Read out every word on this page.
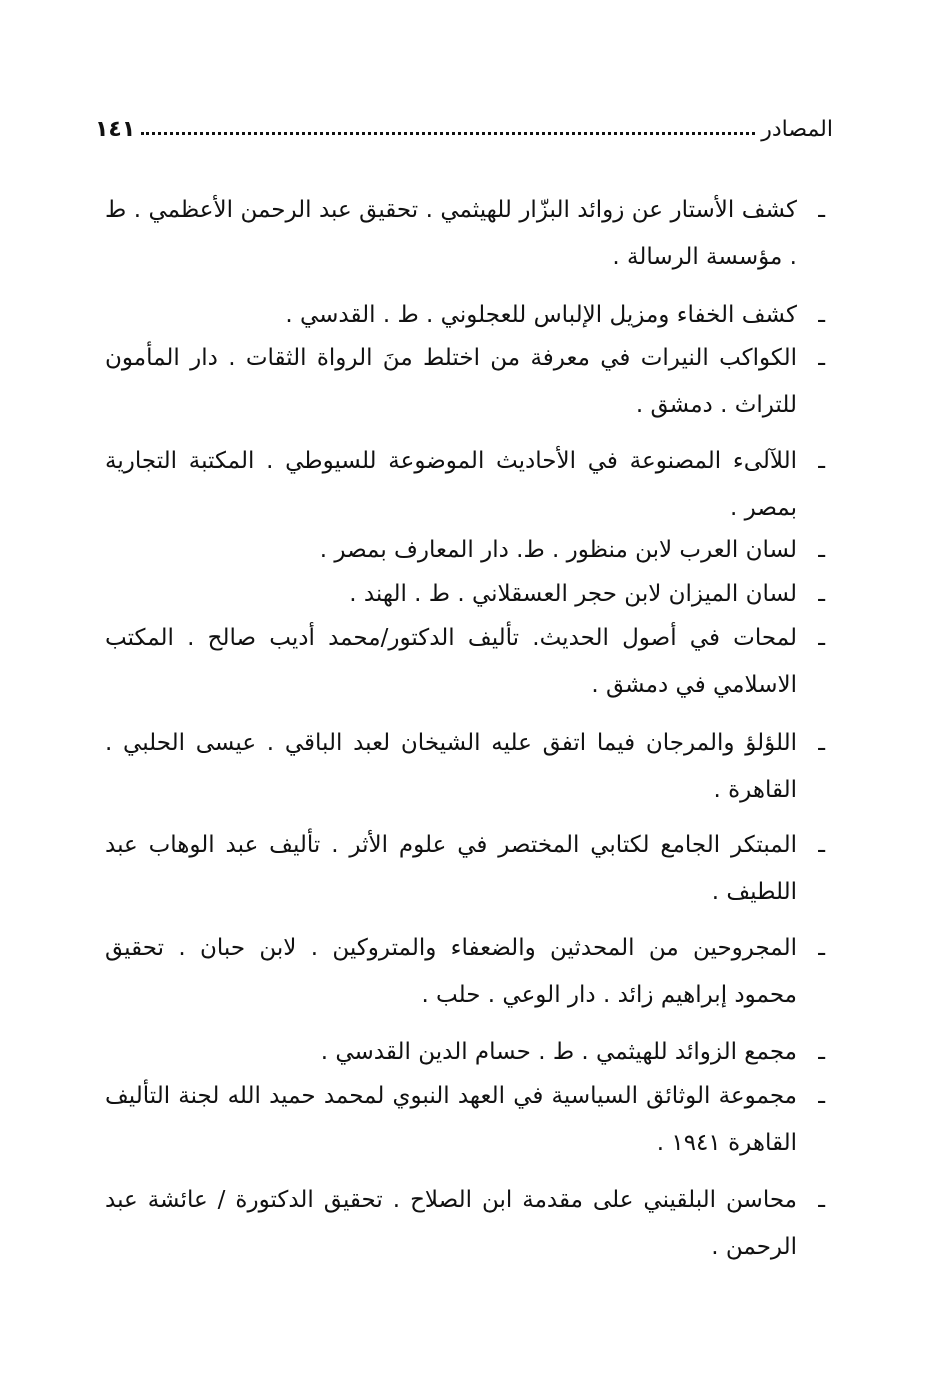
المصادر
١٤١
ـ
كشف الأستار عن زوائد البزّار للهيثمي . تحقيق عبد الرحمن الأعظمي . ط . مؤسسة الرسالة .
ـ
كشف الخفاء ومزيل الإلباس للعجلوني . ط . القدسي .
ـ
الكواكب النيرات في معرفة من اختلط منَ الرواة الثقات . دار المأمون للتراث . دمشق .
ـ
اللآلىء المصنوعة في الأحاديث الموضوعة للسيوطي . المكتبة التجارية بمصر .
ـ
لسان العرب لابن منظور . ط. دار المعارف بمصر .
ـ
لسان الميزان لابن حجر العسقلاني . ط . الهند .
ـ
لمحات في أصول الحديث. تأليف الدكتور/محمد أديب صالح . المكتب الاسلامي في دمشق .
ـ
اللؤلؤ والمرجان فيما اتفق عليه الشيخان لعبد الباقي . عيسى الحلبي . القاهرة .
ـ
المبتكر الجامع لكتابي المختصر في علوم الأثر . تأليف عبد الوهاب عبد اللطيف .
ـ
المجروحين من المحدثين والضعفاء والمتروكين . لابن حبان . تحقيق محمود إبراهيم زائد . دار الوعي . حلب .
ـ
مجمع الزوائد للهيثمي . ط . حسام الدين القدسي .
ـ
مجموعة الوثائق السياسية في العهد النبوي لمحمد حميد الله لجنة التأليف القاهرة ١٩٤١ .
ـ
محاسن البلقيني على مقدمة ابن الصلاح . تحقيق الدكتورة / عائشة عبد الرحمن .
